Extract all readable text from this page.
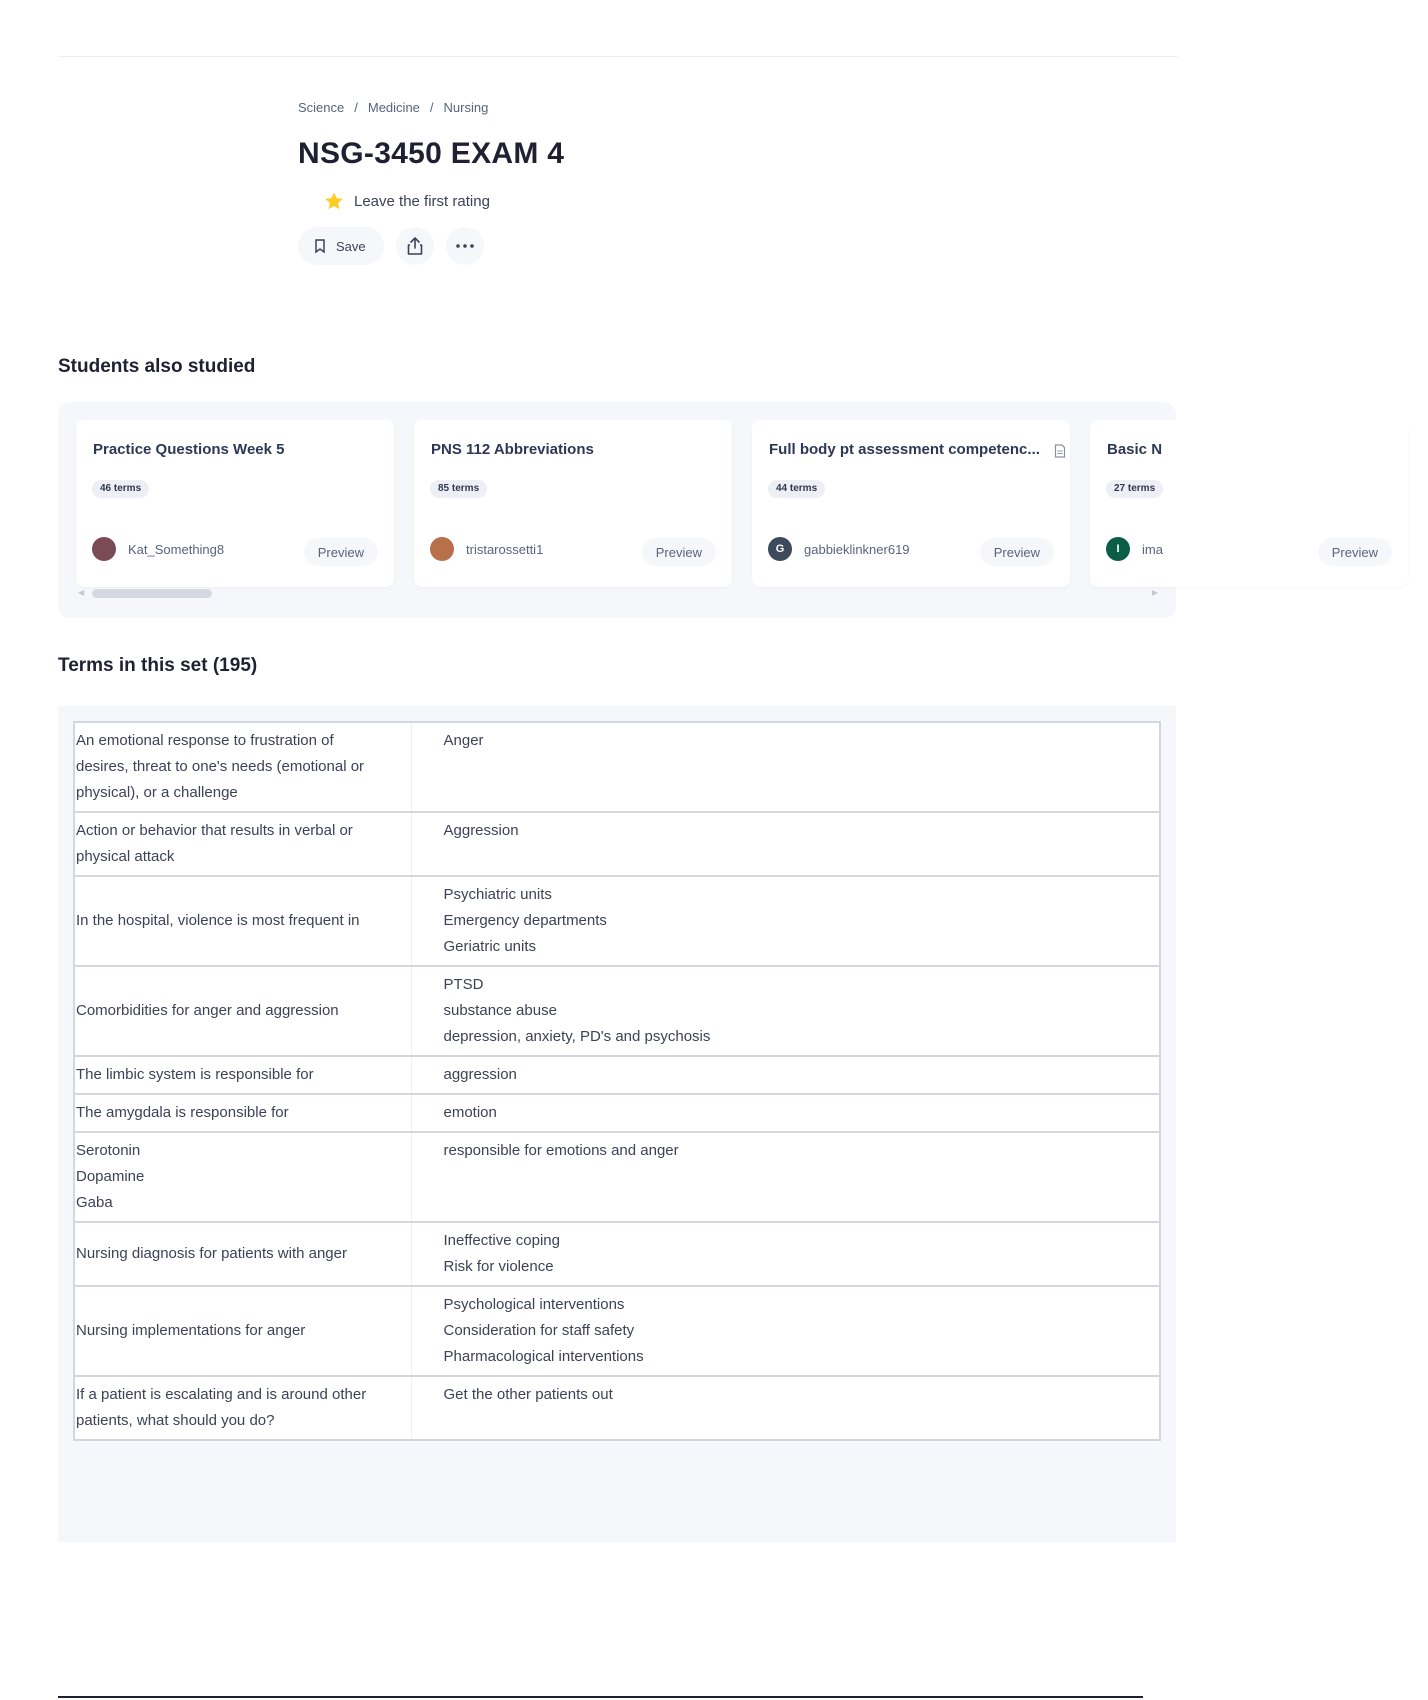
Science / Medicine / Nursing
NSG-3450 EXAM 4
Leave the first rating
Save
Students also studied
Practice Questions Week 5
46 terms
Kat_Something8	Preview
PNS 112 Abbreviations
85 terms
tristarossetti1	Preview
Full body pt assessment competenc...
44 terms
G gabbieklinkner619	Preview
Basic N
27 terms
I ima	Preview
◀	▶
Terms in this set (195)
An emotional response to frustration of
desires, threat to one's needs (emotional or
physical), or a challenge	Anger

Action or behavior that results in verbal or
physical attack	Aggression

In the hospital, violence is most frequent in	Psychiatric units
Emergency departments
Geriatric units

Comorbidities for anger and aggression	PTSD
substance abuse
depression, anxiety, PD's and psychosis

The limbic system is responsible for	aggression

The amygdala is responsible for	emotion

Serotonin
Dopamine
Gaba	responsible for emotions and anger

Nursing diagnosis for patients with anger	Ineffective coping
Risk for violence

Nursing implementations for anger	Psychological interventions
Consideration for staff safety
Pharmacological interventions

If a patient is escalating and is around other
patients, what should you do?	Get the other patients out
